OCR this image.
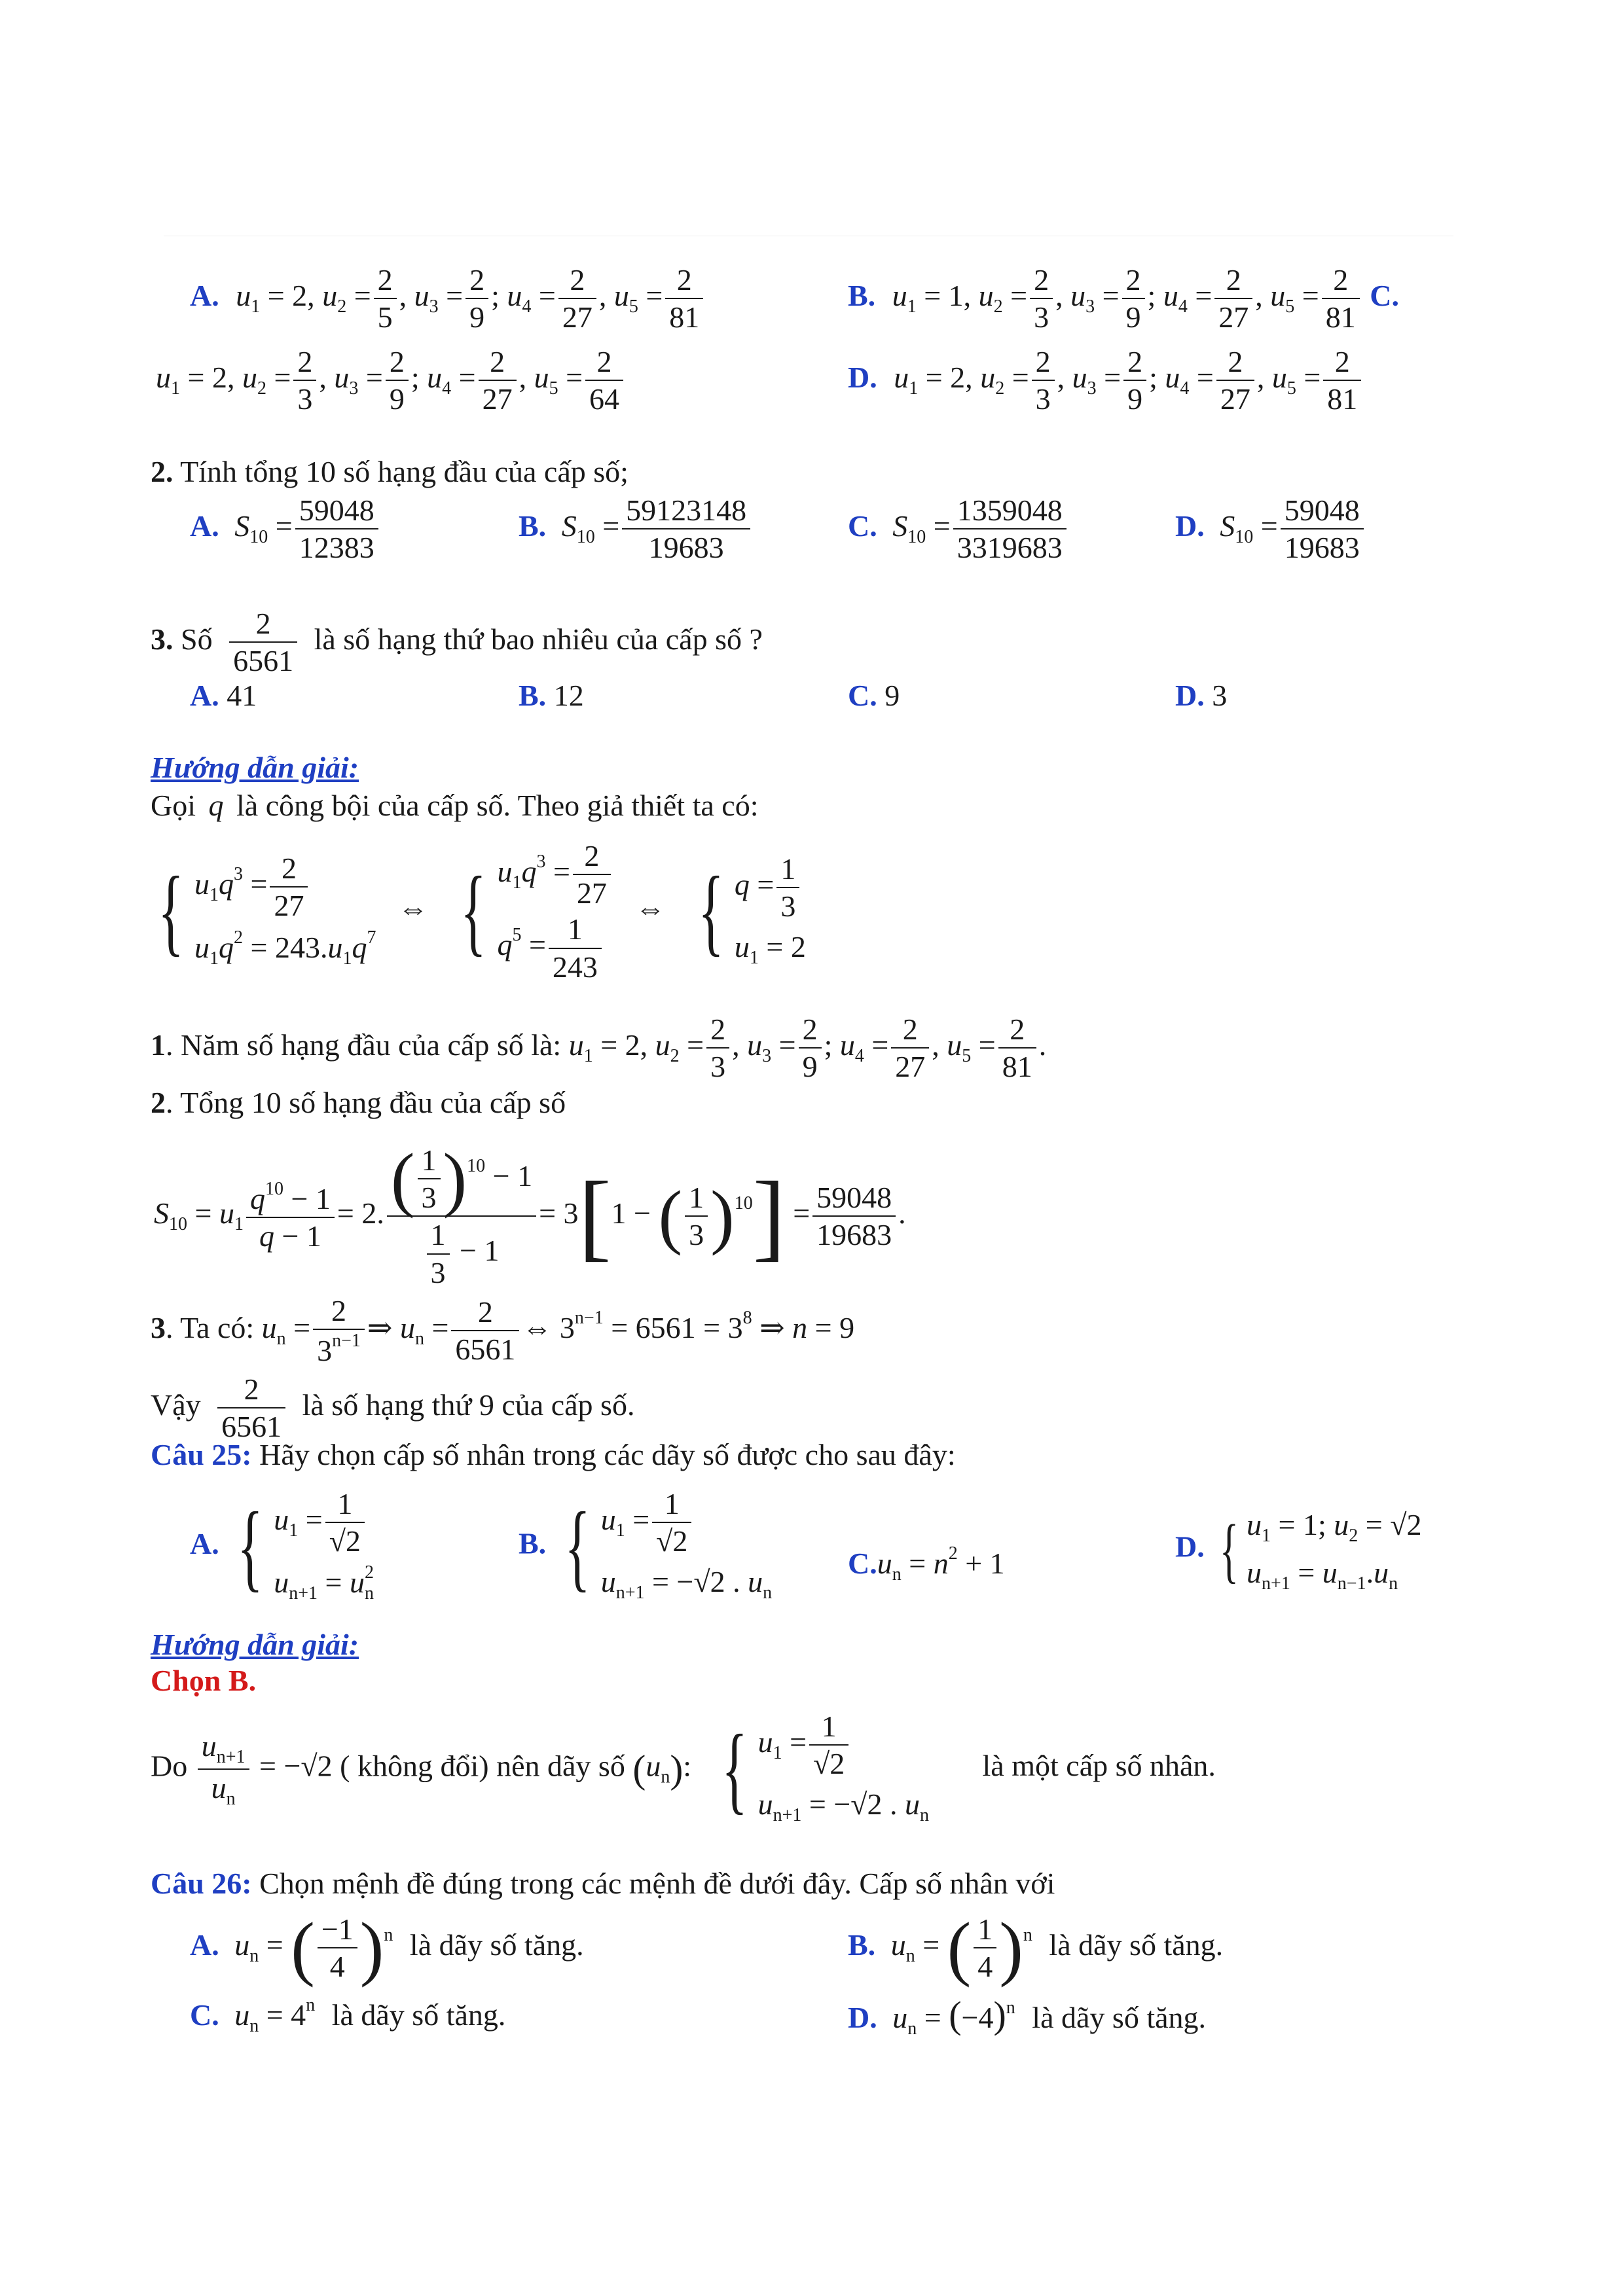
A. $u_1 = 2$, $u_2 = \frac{2}{5}$ , $u_3 = \frac{2}{9}$ ; $u_4 = \frac{2}{27}$ , $u_5 = \frac{2}{81}$	B. $u_1 = 1$, $u_2 = \frac{2}{3}$ , $u_3 = \frac{2}{9}$ ; $u_4 = \frac{2}{27}$ , $u_5 = \frac{2}{81} C$.
$u_1 = 2$, $u_2 = \frac{2}{3}$ , $u_3 = \frac{2}{9}$ ; $u_4 = \frac{2}{27}$ , $u_5 = \frac{2}{64}$	D. $u_1 = 2$, $u_2 = \frac{2}{3}$ , $u_3 = \frac{2}{9}$ ; $u_4 = \frac{2}{27}$ , $u_5 = \frac{2}{81}$
2. Tính tổng 10 số hạng đầu của cấp số;
A. $S_{10} = \frac{59048}{12383}$	B. $S_{10} = \frac{59123148}{19683}$	C. $S_{10} = \frac{1359048}{3319683}$	D. $S_{10} = \frac{59048}{19683}$
3. Số $\frac{2}{6561}$ là số hạng thứ bao nhiêu của cấp số ?
A. 41	B. 12	C. 9	D. 3
Hướng dẫn giải:
Gọi q là công bội của cấp số. Theo giả thiết ta có:
{ $u_1q^3 = \frac{2}{27}$
$u_1q^2 = 243.u_1q^7$
⇔ { $u_1q^3 = \frac{2}{27}$
$q^5 = \frac{1}{243}$
⇔ { $q = \frac{1}{3}$
$u_1 = 2$
1. Năm số hạng đầu của cấp số là: $u_1 = 2$, $u_2 = \frac{2}{3}$ , $u_3 = \frac{2}{9}$ ; $u_4 = \frac{2}{27}$ , $u_5 = \frac{2}{81}$ .
2. Tổng 10 số hạng đầu của cấp số
$S_{10} = u_1 \frac{q^{10} - 1}{q - 1} = 2$. $\frac{( \frac{1}{3} )^{10} - 1}{\frac{1}{3} - 1} = 3[1$ − ( $\frac{1}{3} )^{10}] = \frac{59048}{19683}$ .
3. Ta có: $u_n = \frac{2}{3^{n-1}}$ ⇒ $u_n = \frac{2}{6561}$ ⇔ $3^{n-1} = 6561 = 3^8$ ⇒ n = 9
Vậy $\frac{2}{6561}$ là số hạng thứ 9 của cấp số.
Câu 25: Hãy chọn cấp số nhân trong các dãy số được cho sau đây:
A. { $u_1 = \frac{1}{√2}$
$u_{n+1} = u_n^2$
B. { $u_1 = \frac{1}{√2}$
$u_{n+1} = -√2$ . $u_n$
$C.u_n = n^2 + 1$	D. { $u_1 = 1$; $u_2 = √2$
$u_{n+1} = u_{n-1}.u_n$
Hướng dẫn giải:
Chọn B.
Do $\frac{u_{n+1}}{u_n} = -√2$ ( không đổi) nên dãy số $(u_n)$: { $u_1 = \frac{1}{√2}$
$u_{n+1} = -√2$ . $u_n$
là một cấp số nhân.
Câu 26: Chọn mệnh đề đúng trong các mệnh đề dưới đây. Cấp số nhân với
A. $u_n$ = ( $\frac{-1}{4} )^n$ là dãy số tăng.	B. $u_n$ = ( $\frac{1}{4} )^n$ là dãy số tăng.
C. $u_n = 4^n$ là dãy số tăng.	D. $u_n = (-4)^n$ là dãy số tăng.
